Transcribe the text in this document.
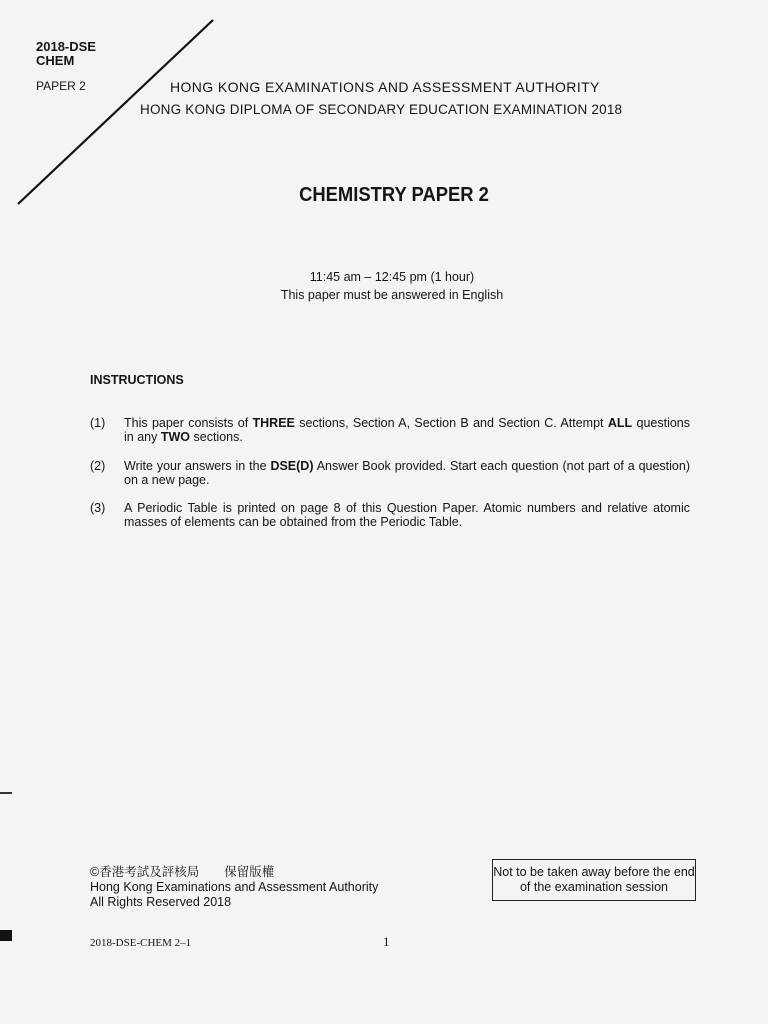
2018-DSE
CHEM
PAPER 2	HONG KONG EXAMINATIONS AND ASSESSMENT AUTHORITY
HONG KONG DIPLOMA OF SECONDARY EDUCATION EXAMINATION 2018
CHEMISTRY PAPER 2
11:45 am – 12:45 pm (1 hour)
This paper must be answered in English
INSTRUCTIONS
(1)	This paper consists of THREE sections, Section A, Section B and Section C. Attempt ALL questions in any TWO sections.
(2)	Write your answers in the DSE(D) Answer Book provided. Start each question (not part of a question) on a new page.
(3)	A Periodic Table is printed on page 8 of this Question Paper. Atomic numbers and relative atomic masses of elements can be obtained from the Periodic Table.
©香港考試及評核局　　保留版權
Hong Kong Examinations and Assessment Authority
All Rights Reserved 2018
Not to be taken away before the end of the examination session
2018-DSE-CHEM 2–1	1
